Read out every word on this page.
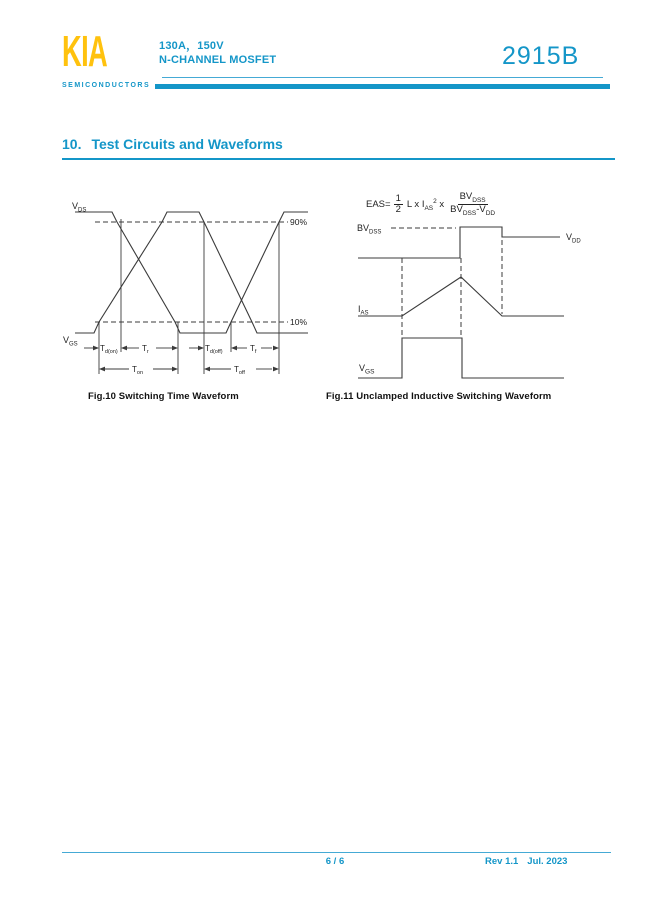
KIA
SEMICONDUCTORS
130A，150V
N-CHANNEL MOSFET	2915B
10. Test Circuits and Waveforms
$T_{d(on)}$	$T_r$	$T_{d(off)}$	$T_f$
$T_{on}$	$T_{off}$
$V_{DS}$
$V_{GS}$
90%
10%
Fig.10 Switching Time Waveform
$EAS= \frac{1}{2}$ L x $I_{AS}^2$ x $\frac{BV_{DSS}}{BV_{DSS}-V_{DD}}$
$BV_{DSS}$	$V_{DD}$
$I_{AS}$
$V_{GS}$
Fig.11 Unclamped Inductive Switching Waveform
6 / 6	Rev 1.1 Jul. 2023
